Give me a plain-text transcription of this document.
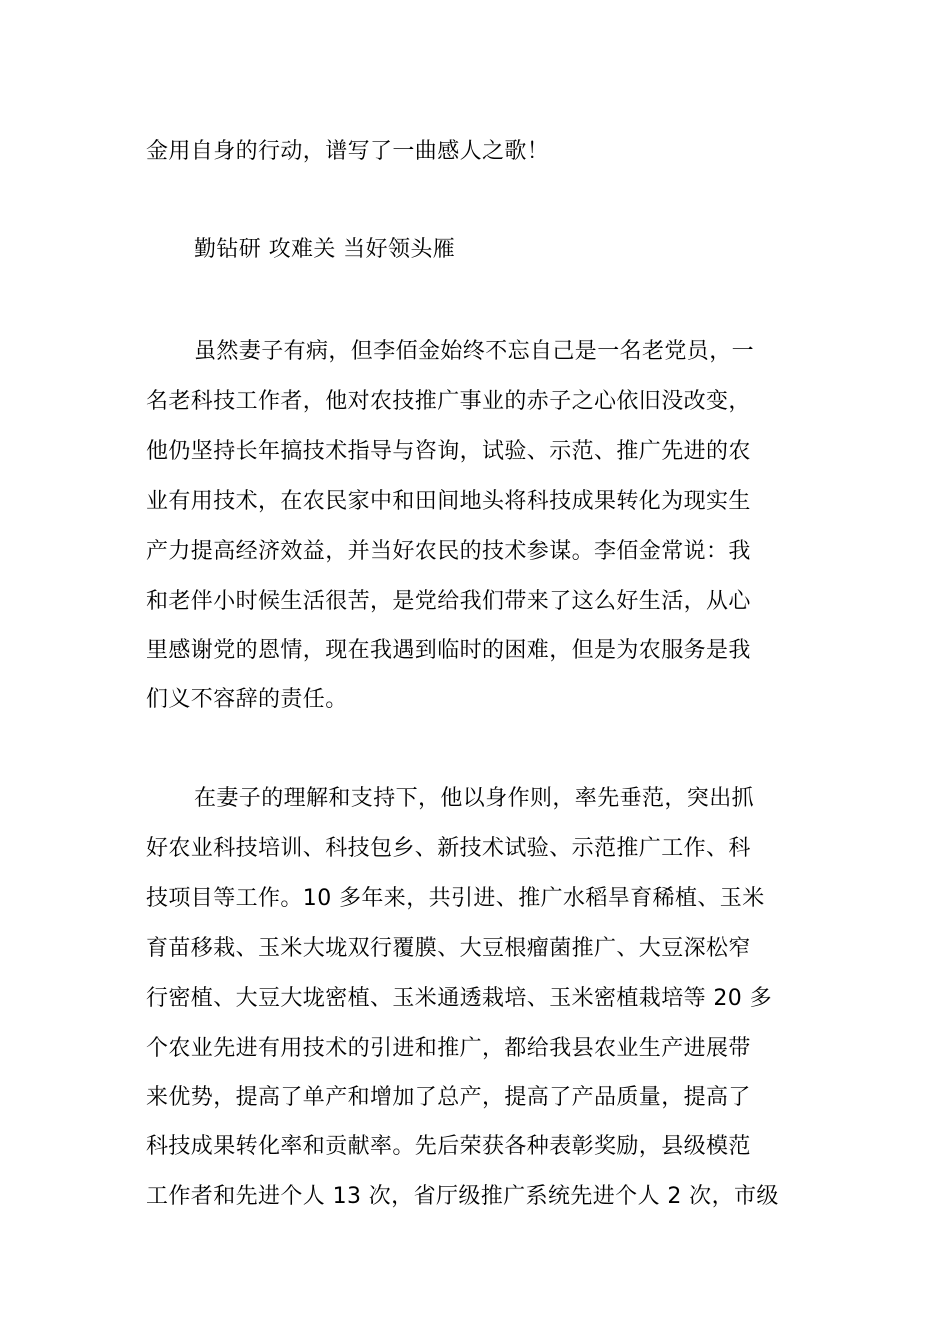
金用自身的行动，谱写了一曲感人之歌！
勤钻研 攻难关 当好领头雁
虽然妻子有病，但李佰金始终不忘自己是一名老党员，一
名老科技工作者，他对农技推广事业的赤子之心依旧没改变，
他仍坚持长年搞技术指导与咨询，试验、示范、推广先进的农
业有用技术，在农民家中和田间地头将科技成果转化为现实生
产力提高经济效益，并当好农民的技术参谋。李佰金常说：我
和老伴小时候生活很苦，是党给我们带来了这么好生活，从心
里感谢党的恩情，现在我遇到临时的困难，但是为农服务是我
们义不容辞的责任。
在妻子的理解和支持下，他以身作则，率先垂范，突出抓
好农业科技培训、科技包乡、新技术试验、示范推广工作、科
技项目等工作。10 多年来，共引进、推广水稻旱育稀植、玉米
育苗移栽、玉米大垅双行覆膜、大豆根瘤菌推广、大豆深松窄
行密植、大豆大垅密植、玉米通透栽培、玉米密植栽培等 20 多
个农业先进有用技术的引进和推广，都给我县农业生产进展带
来优势，提高了单产和增加了总产，提高了产品质量，提高了
科技成果转化率和贡献率。先后荣获各种表彰奖励，县级模范
工作者和先进个人 13 次，省厅级推广系统先进个人 2 次，市级
